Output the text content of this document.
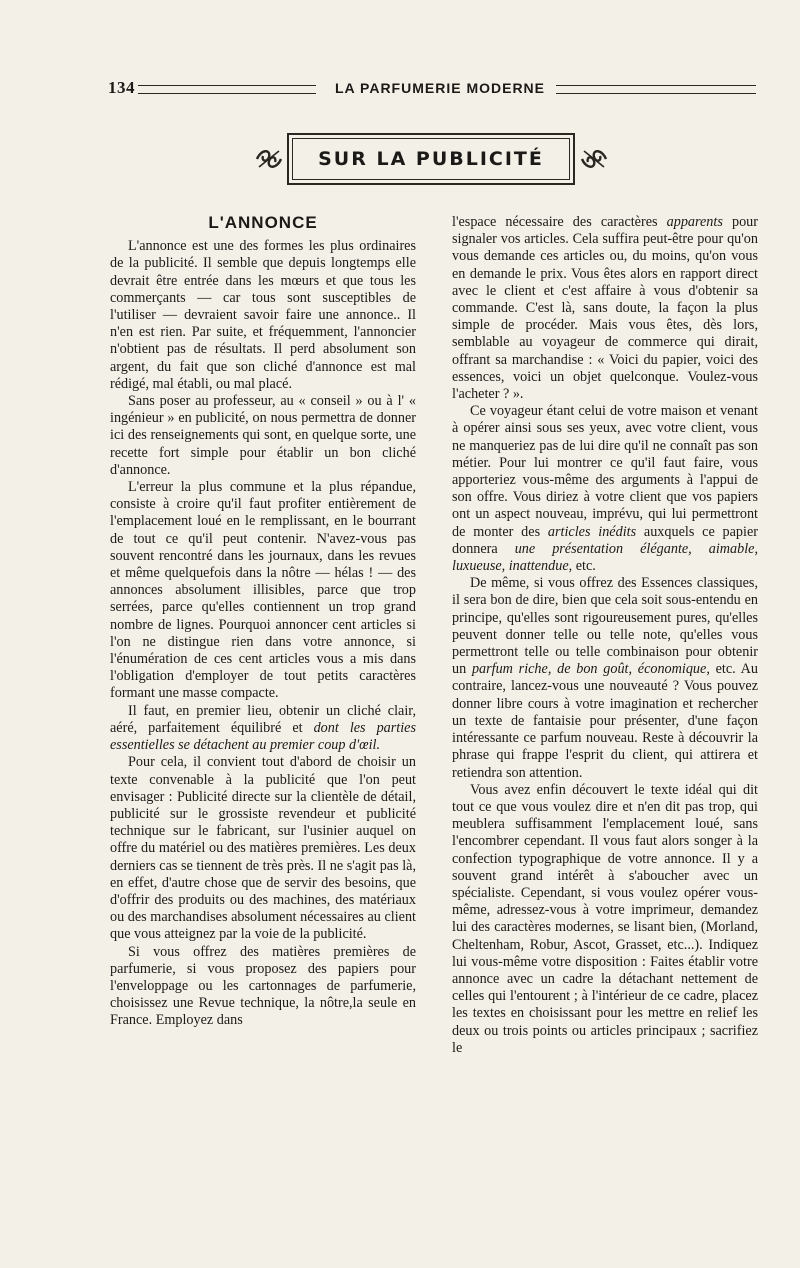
134	LA PARFUMERIE MODERNE
SUR LA PUBLICITÉ
L'ANNONCE

L'annonce est une des formes les plus ordinaires de la publicité. Il semble que depuis longtemps elle devrait être entrée dans les mœurs et que tous les commerçants — car tous sont susceptibles de l'utiliser — devraient savoir faire une annonce.. Il n'en est rien. Par suite, et fréquemment, l'annoncier n'obtient pas de résultats. Il perd absolument son argent, du fait que son cliché d'annonce est mal rédigé, mal établi, ou mal placé.

Sans poser au professeur, au « conseil » ou à l' « ingénieur » en publicité, on nous permettra de donner ici des renseignements qui sont, en quelque sorte, une recette fort simple pour établir un bon cliché d'annonce.

L'erreur la plus commune et la plus répandue, consiste à croire qu'il faut profiter entièrement de l'emplacement loué en le remplissant, en le bourrant de tout ce qu'il peut contenir. N'avez-vous pas souvent rencontré dans les journaux, dans les revues et même quelquefois dans la nôtre — hélas ! — des annonces absolument illisibles, parce que trop serrées, parce qu'elles contiennent un trop grand nombre de lignes. Pourquoi annoncer cent articles si l'on ne distingue rien dans votre annonce, si l'énumération de ces cent articles vous a mis dans l'obligation d'employer de tout petits caractères formant une masse compacte.

Il faut, en premier lieu, obtenir un cliché clair, aéré, parfaitement équilibré et dont les parties essentielles se détachent au premier coup d'œil.

Pour cela, il convient tout d'abord de choisir un texte convenable à la publicité que l'on peut envisager : Publicité directe sur la clientèle de détail, publicité sur le grossiste revendeur et publicité technique sur le fabricant, sur l'usinier auquel on offre du matériel ou des matières premières. Les deux derniers cas se tiennent de très près. Il ne s'agit pas là, en effet, d'autre chose que de servir des besoins, que d'offrir des produits ou des machines, des matériaux ou des marchandises absolument nécessaires au client que vous atteignez par la voie de la publicité.

Si vous offrez des matières premières de parfumerie, si vous proposez des papiers pour l'enveloppage ou les cartonnages de parfumerie, choisissez une Revue technique, la nôtre,la seule en France. Employez dans

l'espace nécessaire des caractères apparents pour signaler vos articles. Cela suffira peut-être pour qu'on vous demande ces articles ou, du moins, qu'on vous en demande le prix. Vous êtes alors en rapport direct avec le client et c'est affaire à vous d'obtenir sa commande. C'est là, sans doute, la façon la plus simple de procéder. Mais vous êtes, dès lors, semblable au voyageur de commerce qui dirait, offrant sa marchandise : « Voici du papier, voici des essences, voici un objet quelconque. Voulez-vous l'acheter ? ».

Ce voyageur étant celui de votre maison et venant à opérer ainsi sous ses yeux, avec votre client, vous ne manqueriez pas de lui dire qu'il ne connaît pas son métier. Pour lui montrer ce qu'il faut faire, vous apporteriez vous-même des arguments à l'appui de son offre. Vous diriez à votre client que vos papiers ont un aspect nouveau, imprévu, qui lui permettront de monter des articles inédits auxquels ce papier donnera une présentation élégante, aimable, luxueuse, inattendue, etc.

De même, si vous offrez des Essences classiques, il sera bon de dire, bien que cela soit sous-entendu en principe, qu'elles sont rigoureusement pures, qu'elles peuvent donner telle ou telle note, qu'elles vous permettront telle ou telle combinaison pour obtenir un parfum riche, de bon goût, économique, etc. Au contraire, lancez-vous une nouveauté ? Vous pouvez donner libre cours à votre imagination et rechercher un texte de fantaisie pour présenter, d'une façon intéressante ce parfum nouveau. Reste à découvrir la phrase qui frappe l'esprit du client, qui attirera et retiendra son attention.

Vous avez enfin découvert le texte idéal qui dit tout ce que vous voulez dire et n'en dit pas trop, qui meublera suffisamment l'emplacement loué, sans l'encombrer cependant. Il vous faut alors songer à la confection typographique de votre annonce. Il y a souvent grand intérêt à s'aboucher avec un spécialiste. Cependant, si vous voulez opérer vous-même, adressez-vous à votre imprimeur, demandez lui des caractères modernes, se lisant bien, (Morland, Cheltenham, Robur, Ascot, Grasset, etc...). Indiquez lui vous-même votre disposition : Faites établir votre annonce avec un cadre la détachant nettement de celles qui l'entourent ; à l'intérieur de ce cadre, placez les textes en choisissant pour les mettre en relief les deux ou trois points ou articles principaux ; sacrifiez le
